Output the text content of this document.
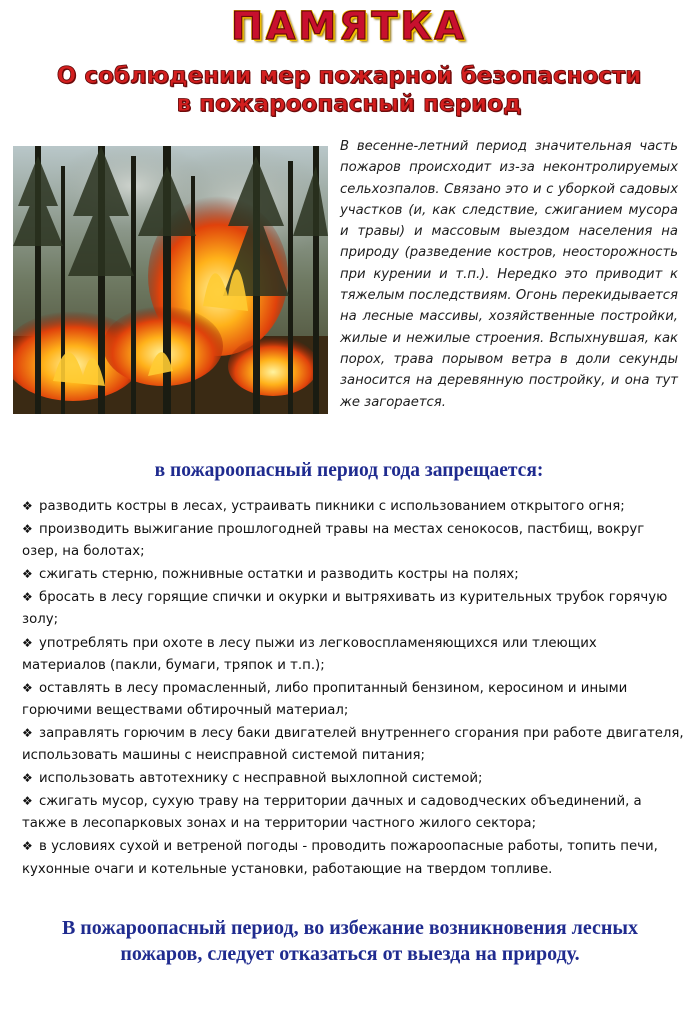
ПАМЯТКА
О соблюдении мер пожарной безопасности
в пожароопасный период
В весенне-летний период значительная часть пожаров происходит из-за неконтролируемых сельхозпалов. Связано это и с уборкой садовых участков (и, как следствие, сжиганием мусора и травы) и массовым выездом населения на природу (разведение костров, неосторожность при курении и т.п.). Нередко это приводит к тяжелым последствиям. Огонь перекидывается на лесные массивы, хозяйственные постройки, жилые и нежилые строения. Вспыхнувшая, как порох, трава порывом ветра в доли секунды заносится на деревянную постройку, и она тут же загорается.
в пожароопасный период года запрещается:
❖ разводить костры в лесах, устраивать пикники с использованием открытого огня;
❖ производить выжигание прошлогодней травы на местах сенокосов, пастбищ, вокруг озер, на болотах;
❖ сжигать стерню, пожнивные остатки и разводить костры на полях;
❖ бросать в лесу горящие спички и окурки и вытряхивать из курительных трубок горячую золу;
❖ употреблять при охоте в лесу пыжи из легковоспламеняющихся или тлеющих материалов (пакли, бумаги, тряпок и т.п.);
❖ оставлять в лесу промасленный, либо пропитанный бензином, керосином и иными горючими веществами обтирочный материал;
❖ заправлять горючим в лесу баки двигателей внутреннего сгорания при работе двигателя, использовать машины с неисправной системой питания;
❖ использовать автотехнику с несправной выхлопной системой;
❖ сжигать мусор, сухую траву на территории дачных и садоводческих объединений, а также в лесопарковых зонах и на территории частного жилого сектора;
❖ в условиях сухой и ветреной погоды - проводить пожароопасные работы, топить печи, кухонные очаги и котельные установки, работающие на твердом топливе.
В пожароопасный период, во избежание возникновения лесных
пожаров, следует отказаться от выезда на природу.
